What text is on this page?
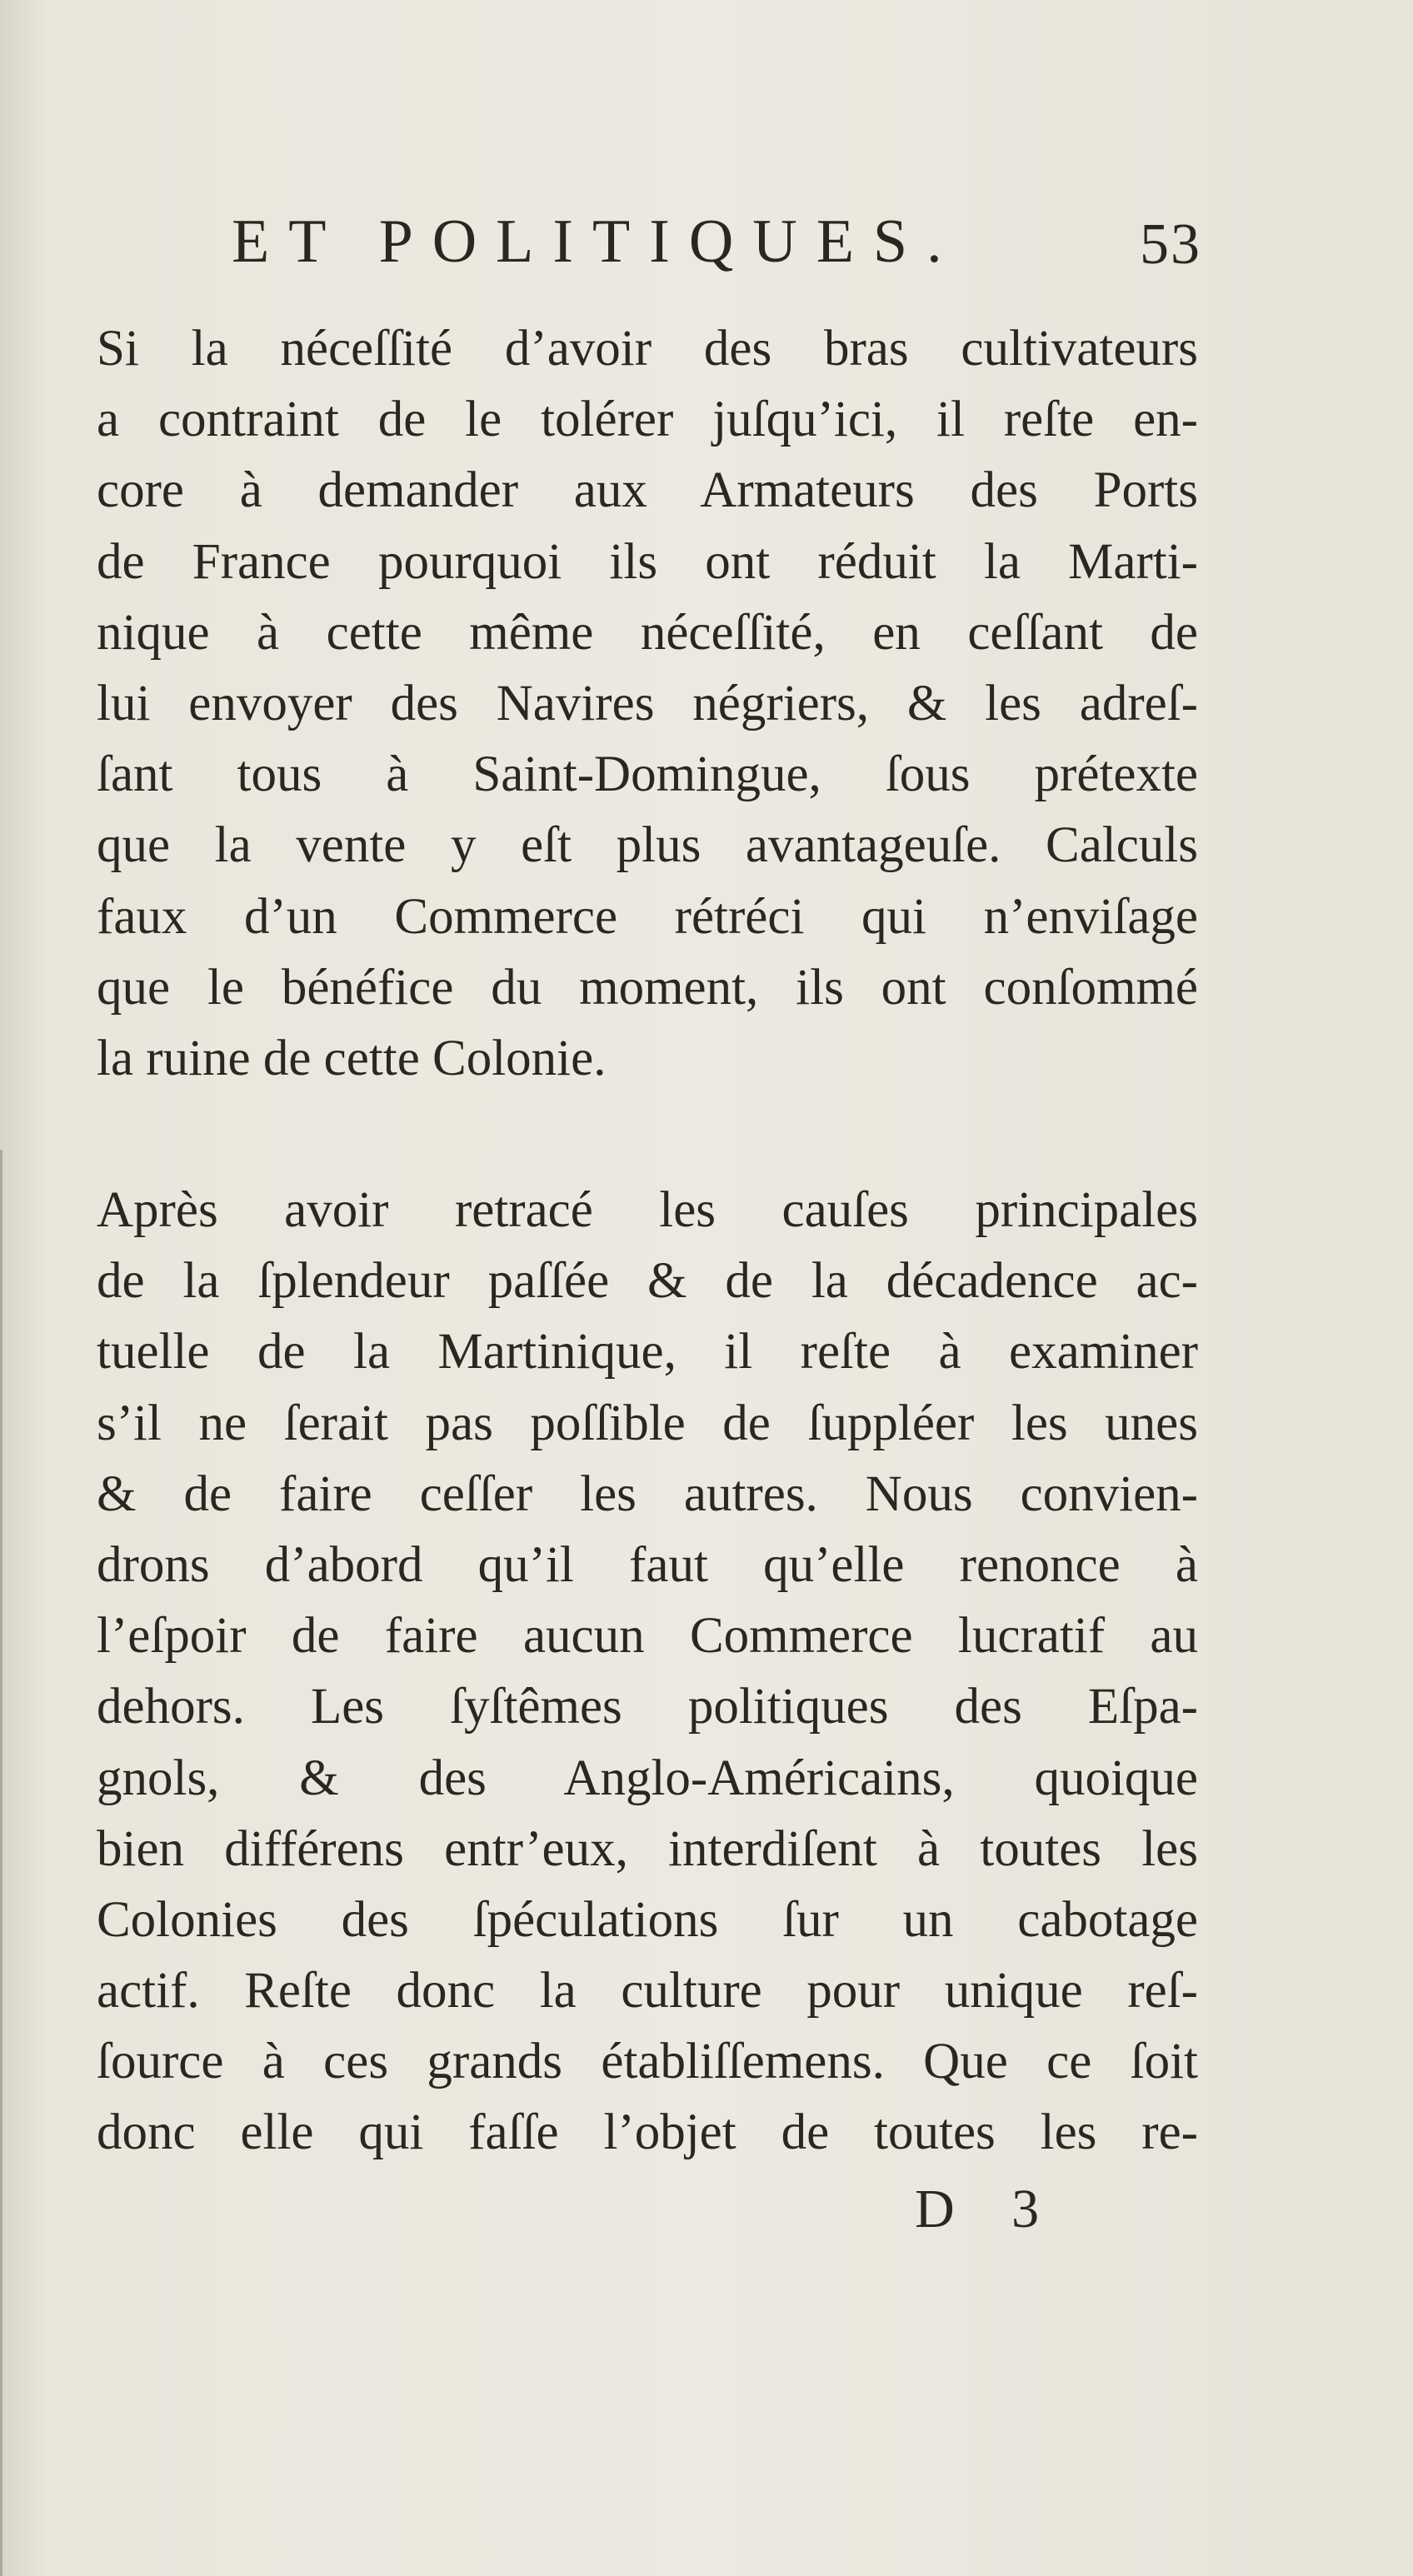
ET POLITIQUES.	53
Si la néceſſité d’avoir des bras cultivateurs
a contraint de le tolérer juſqu’ici, il reſte en-
core à demander aux Armateurs des Ports
de France pourquoi ils ont réduit la Marti-
nique à cette même néceſſité, en ceſſant de
lui envoyer des Navires négriers, & les adreſ-
ſant tous à Saint-Domingue, ſous prétexte
que la vente y eſt plus avantageuſe. Calculs
faux d’un Commerce rétréci qui n’enviſage
que le bénéfice du moment, ils ont conſommé
la ruine de cette Colonie.
Après avoir retracé les cauſes principales
de la ſplendeur paſſée & de la décadence ac-
tuelle de la Martinique, il reſte à examiner
s’il ne ſerait pas poſſible de ſuppléer les unes
& de faire ceſſer les autres. Nous convien-
drons d’abord qu’il faut qu’elle renonce à
l’eſpoir de faire aucun Commerce lucratif au
dehors. Les ſyſtêmes politiques des Eſpa-
gnols, & des Anglo-Américains, quoique
bien différens entr’eux, interdiſent à toutes les
Colonies des ſpéculations ſur un cabotage
actif. Reſte donc la culture pour unique reſ-
ſource à ces grands établiſſemens. Que ce ſoit
donc elle qui faſſe l’objet de toutes les re-
D 3
